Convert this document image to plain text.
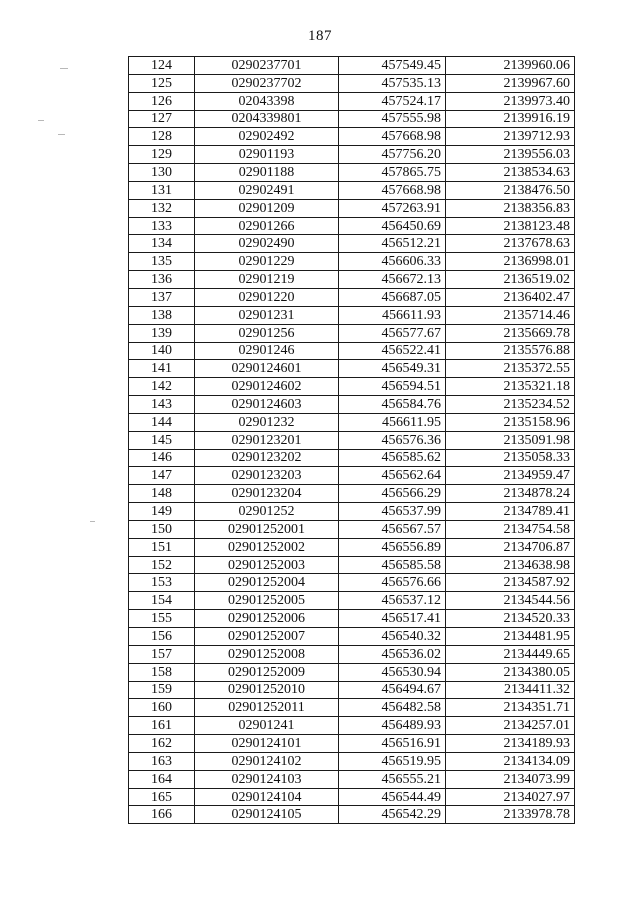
187
124	0290237701	457549.45	2139960.06
125	0290237702	457535.13	2139967.60
126	02043398	457524.17	2139973.40
127	0204339801	457555.98	2139916.19
128	02902492	457668.98	2139712.93
129	02901193	457756.20	2139556.03
130	02901188	457865.75	2138534.63
131	02902491	457668.98	2138476.50
132	02901209	457263.91	2138356.83
133	02901266	456450.69	2138123.48
134	02902490	456512.21	2137678.63
135	02901229	456606.33	2136998.01
136	02901219	456672.13	2136519.02
137	02901220	456687.05	2136402.47
138	02901231	456611.93	2135714.46
139	02901256	456577.67	2135669.78
140	02901246	456522.41	2135576.88
141	0290124601	456549.31	2135372.55
142	0290124602	456594.51	2135321.18
143	0290124603	456584.76	2135234.52
144	02901232	456611.95	2135158.96
145	0290123201	456576.36	2135091.98
146	0290123202	456585.62	2135058.33
147	0290123203	456562.64	2134959.47
148	0290123204	456566.29	2134878.24
149	02901252	456537.99	2134789.41
150	02901252001	456567.57	2134754.58
151	02901252002	456556.89	2134706.87
152	02901252003	456585.58	2134638.98
153	02901252004	456576.66	2134587.92
154	02901252005	456537.12	2134544.56
155	02901252006	456517.41	2134520.33
156	02901252007	456540.32	2134481.95
157	02901252008	456536.02	2134449.65
158	02901252009	456530.94	2134380.05
159	02901252010	456494.67	2134411.32
160	02901252011	456482.58	2134351.71
161	02901241	456489.93	2134257.01
162	0290124101	456516.91	2134189.93
163	0290124102	456519.95	2134134.09
164	0290124103	456555.21	2134073.99
165	0290124104	456544.49	2134027.97
166	0290124105	456542.29	2133978.78
